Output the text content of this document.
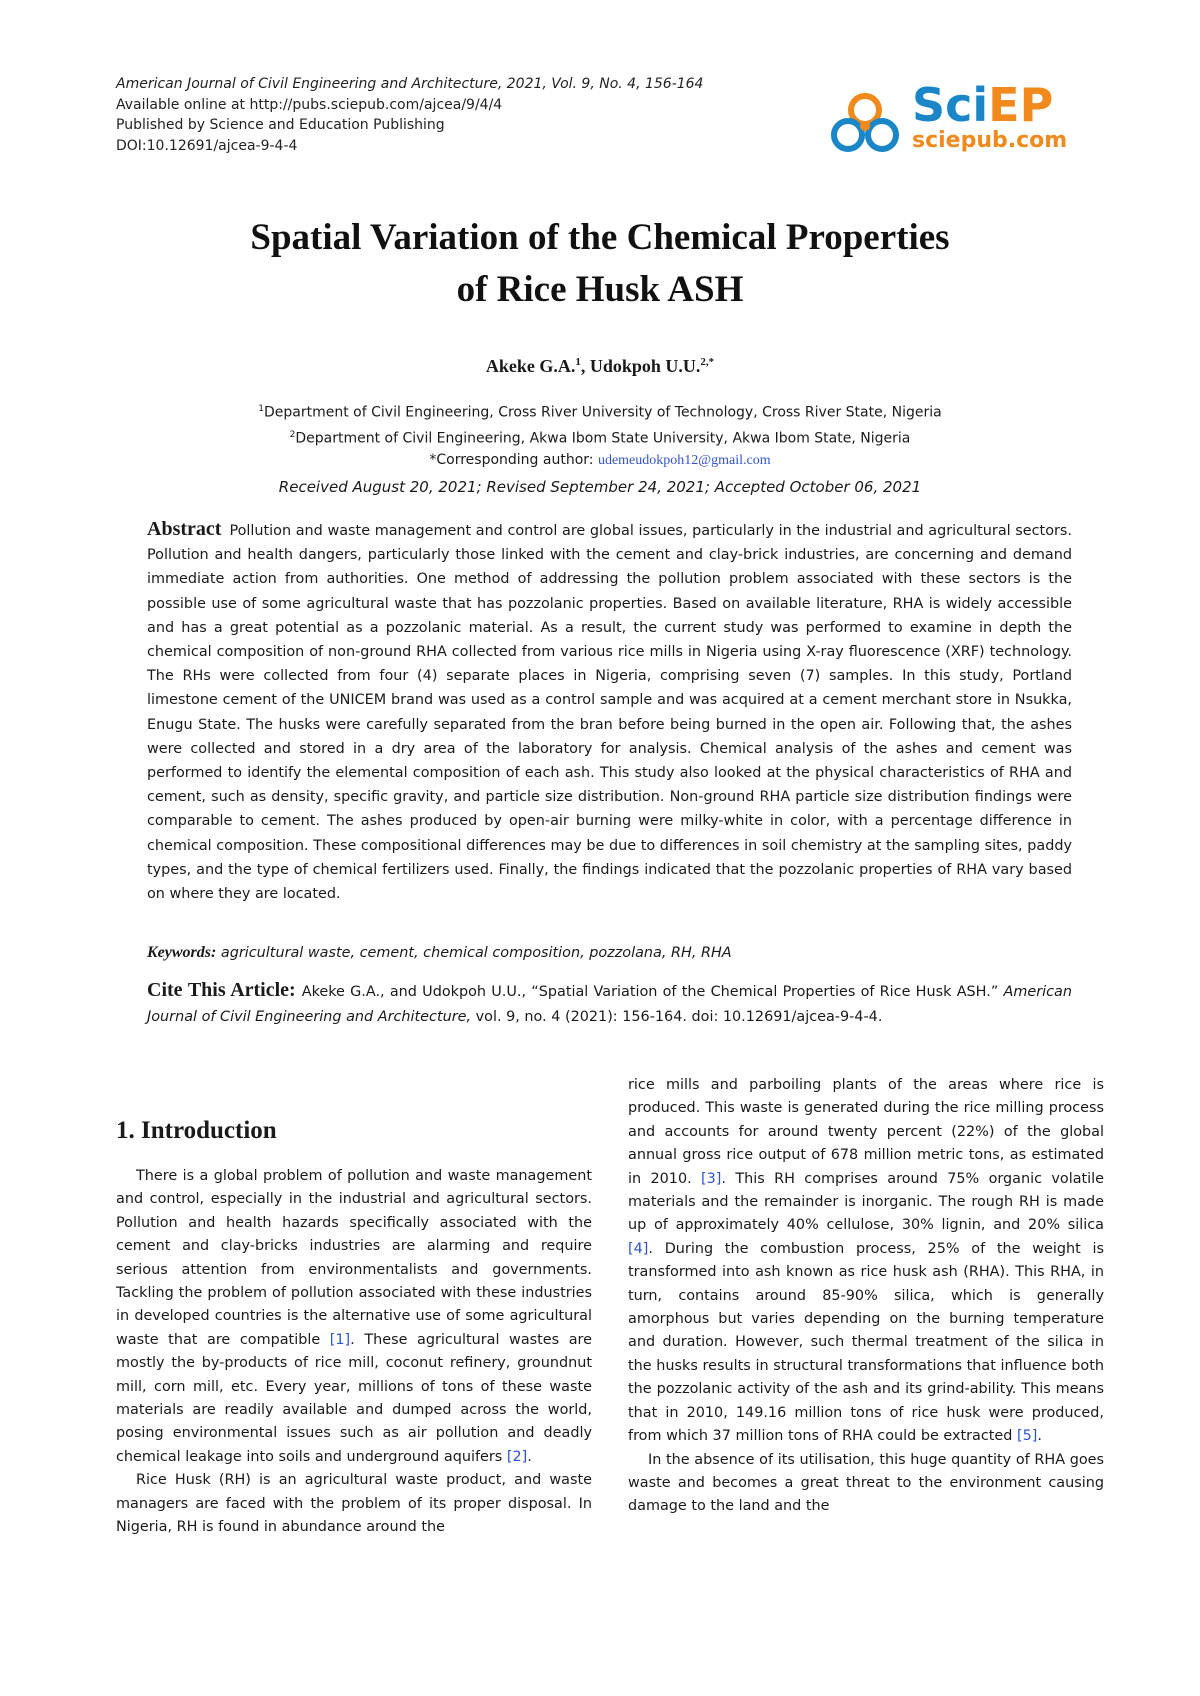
American Journal of Civil Engineering and Architecture, 2021, Vol. 9, No. 4, 156-164
Available online at http://pubs.sciepub.com/ajcea/9/4/4
Published by Science and Education Publishing
DOI:10.12691/ajcea-9-4-4
SciEP
sciepub.com
Spatial Variation of the Chemical Properties
of Rice Husk ASH
Akeke G.A.$^1$, Udokpoh U.U.$^{2,*}$
$^1$Department of Civil Engineering, Cross River University of Technology, Cross River State, Nigeria
$^2$Department of Civil Engineering, Akwa Ibom State University, Akwa Ibom State, Nigeria
*Corresponding author: udemeudokpoh12@gmail.com
Received August 20, 2021; Revised September 24, 2021; Accepted October 06, 2021
Abstract Pollution and waste management and control are global issues, particularly in the industrial and agricultural sectors. Pollution and health dangers, particularly those linked with the cement and clay-brick industries, are concerning and demand immediate action from authorities. One method of addressing the pollution problem associated with these sectors is the possible use of some agricultural waste that has pozzolanic properties. Based on available literature, RHA is widely accessible and has a great potential as a pozzolanic material. As a result, the current study was performed to examine in depth the chemical composition of non-ground RHA collected from various rice mills in Nigeria using X-ray fluorescence (XRF) technology. The RHs were collected from four (4) separate places in Nigeria, comprising seven (7) samples. In this study, Portland limestone cement of the UNICEM brand was used as a control sample and was acquired at a cement merchant store in Nsukka, Enugu State. The husks were carefully separated from the bran before being burned in the open air. Following that, the ashes were collected and stored in a dry area of the laboratory for analysis. Chemical analysis of the ashes and cement was performed to identify the elemental composition of each ash. This study also looked at the physical characteristics of RHA and cement, such as density, specific gravity, and particle size distribution. Non-ground RHA particle size distribution findings were comparable to cement. The ashes produced by open-air burning were milky-white in color, with a percentage difference in chemical composition. These compositional differences may be due to differences in soil chemistry at the sampling sites, paddy types, and the type of chemical fertilizers used. Finally, the findings indicated that the pozzolanic properties of RHA vary based on where they are located.
Keywords: agricultural waste, cement, chemical composition, pozzolana, RH, RHA
Cite This Article: Akeke G.A., and Udokpoh U.U., “Spatial Variation of the Chemical Properties of Rice Husk ASH.” American Journal of Civil Engineering and Architecture, vol. 9, no. 4 (2021): 156-164. doi: 10.12691/ajcea-9-4-4.
1. Introduction

There is a global problem of pollution and waste management and control, especially in the industrial and agricultural sectors. Pollution and health hazards specifically associated with the cement and clay-bricks industries are alarming and require serious attention from environmentalists and governments. Tackling the problem of pollution associated with these industries in developed countries is the alternative use of some agricultural waste that are compatible [1]. These agricultural wastes are mostly the by-products of rice mill, coconut refinery, groundnut mill, corn mill, etc. Every year, millions of tons of these waste materials are readily available and dumped across the world, posing environmental issues such as air pollution and deadly chemical leakage into soils and underground aquifers [2].

Rice Husk (RH) is an agricultural waste product, and waste managers are faced with the problem of its proper disposal. In Nigeria, RH is found in abundance around the

rice mills and parboiling plants of the areas where rice is produced. This waste is generated during the rice milling process and accounts for around twenty percent (22%) of the global annual gross rice output of 678 million metric tons, as estimated in 2010. [3]. This RH comprises around 75% organic volatile materials and the remainder is inorganic. The rough RH is made up of approximately 40% cellulose, 30% lignin, and 20% silica [4]. During the combustion process, 25% of the weight is transformed into ash known as rice husk ash (RHA). This RHA, in turn, contains around 85-90% silica, which is generally amorphous but varies depending on the burning temperature and duration. However, such thermal treatment of the silica in the husks results in structural transformations that influence both the pozzolanic activity of the ash and its grind-ability. This means that in 2010, 149.16 million tons of rice husk were produced, from which 37 million tons of RHA could be extracted [5].

In the absence of its utilisation, this huge quantity of RHA goes waste and becomes a great threat to the environment causing damage to the land and the
